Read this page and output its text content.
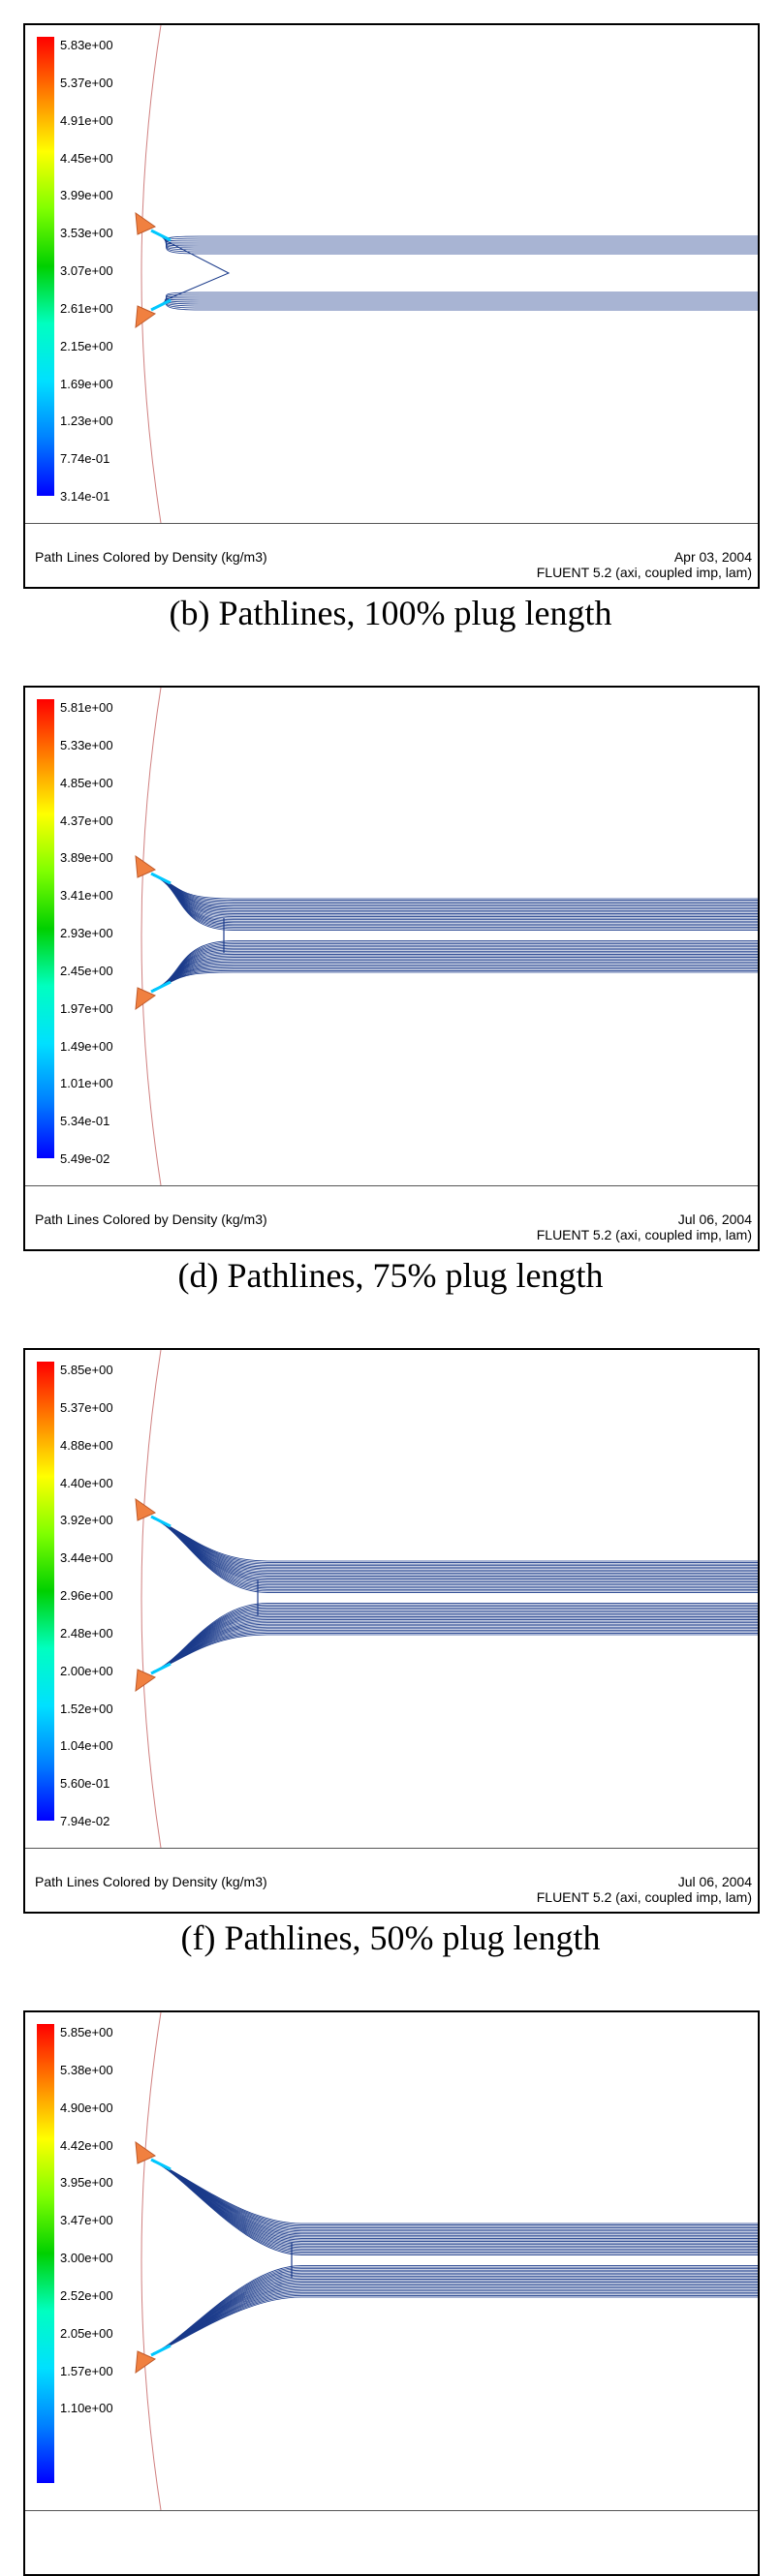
5.83e+00
5.37e+00
4.91e+00
4.45e+00
3.99e+00
3.53e+00
3.07e+00
2.61e+00
2.15e+00
1.69e+00
1.23e+00
7.74e-01
3.14e-01
Path Lines Colored by Density (kg/m3)	Apr 03, 2004
FLUENT 5.2 (axi, coupled imp, lam)
(b) Pathlines, 100% plug length
5.81e+00
5.33e+00
4.85e+00
4.37e+00
3.89e+00
3.41e+00
2.93e+00
2.45e+00
1.97e+00
1.49e+00
1.01e+00
5.34e-01
5.49e-02
Path Lines Colored by Density (kg/m3)	Jul 06, 2004
FLUENT 5.2 (axi, coupled imp, lam)
(d) Pathlines, 75% plug length
5.85e+00
5.37e+00
4.88e+00
4.40e+00
3.92e+00
3.44e+00
2.96e+00
2.48e+00
2.00e+00
1.52e+00
1.04e+00
5.60e-01
7.94e-02
Path Lines Colored by Density (kg/m3)	Jul 06, 2004
FLUENT 5.2 (axi, coupled imp, lam)
(f) Pathlines, 50% plug length
5.85e+00
5.38e+00
4.90e+00
4.42e+00
3.95e+00
3.47e+00
3.00e+00
2.52e+00
2.05e+00
1.57e+00
1.10e+00
